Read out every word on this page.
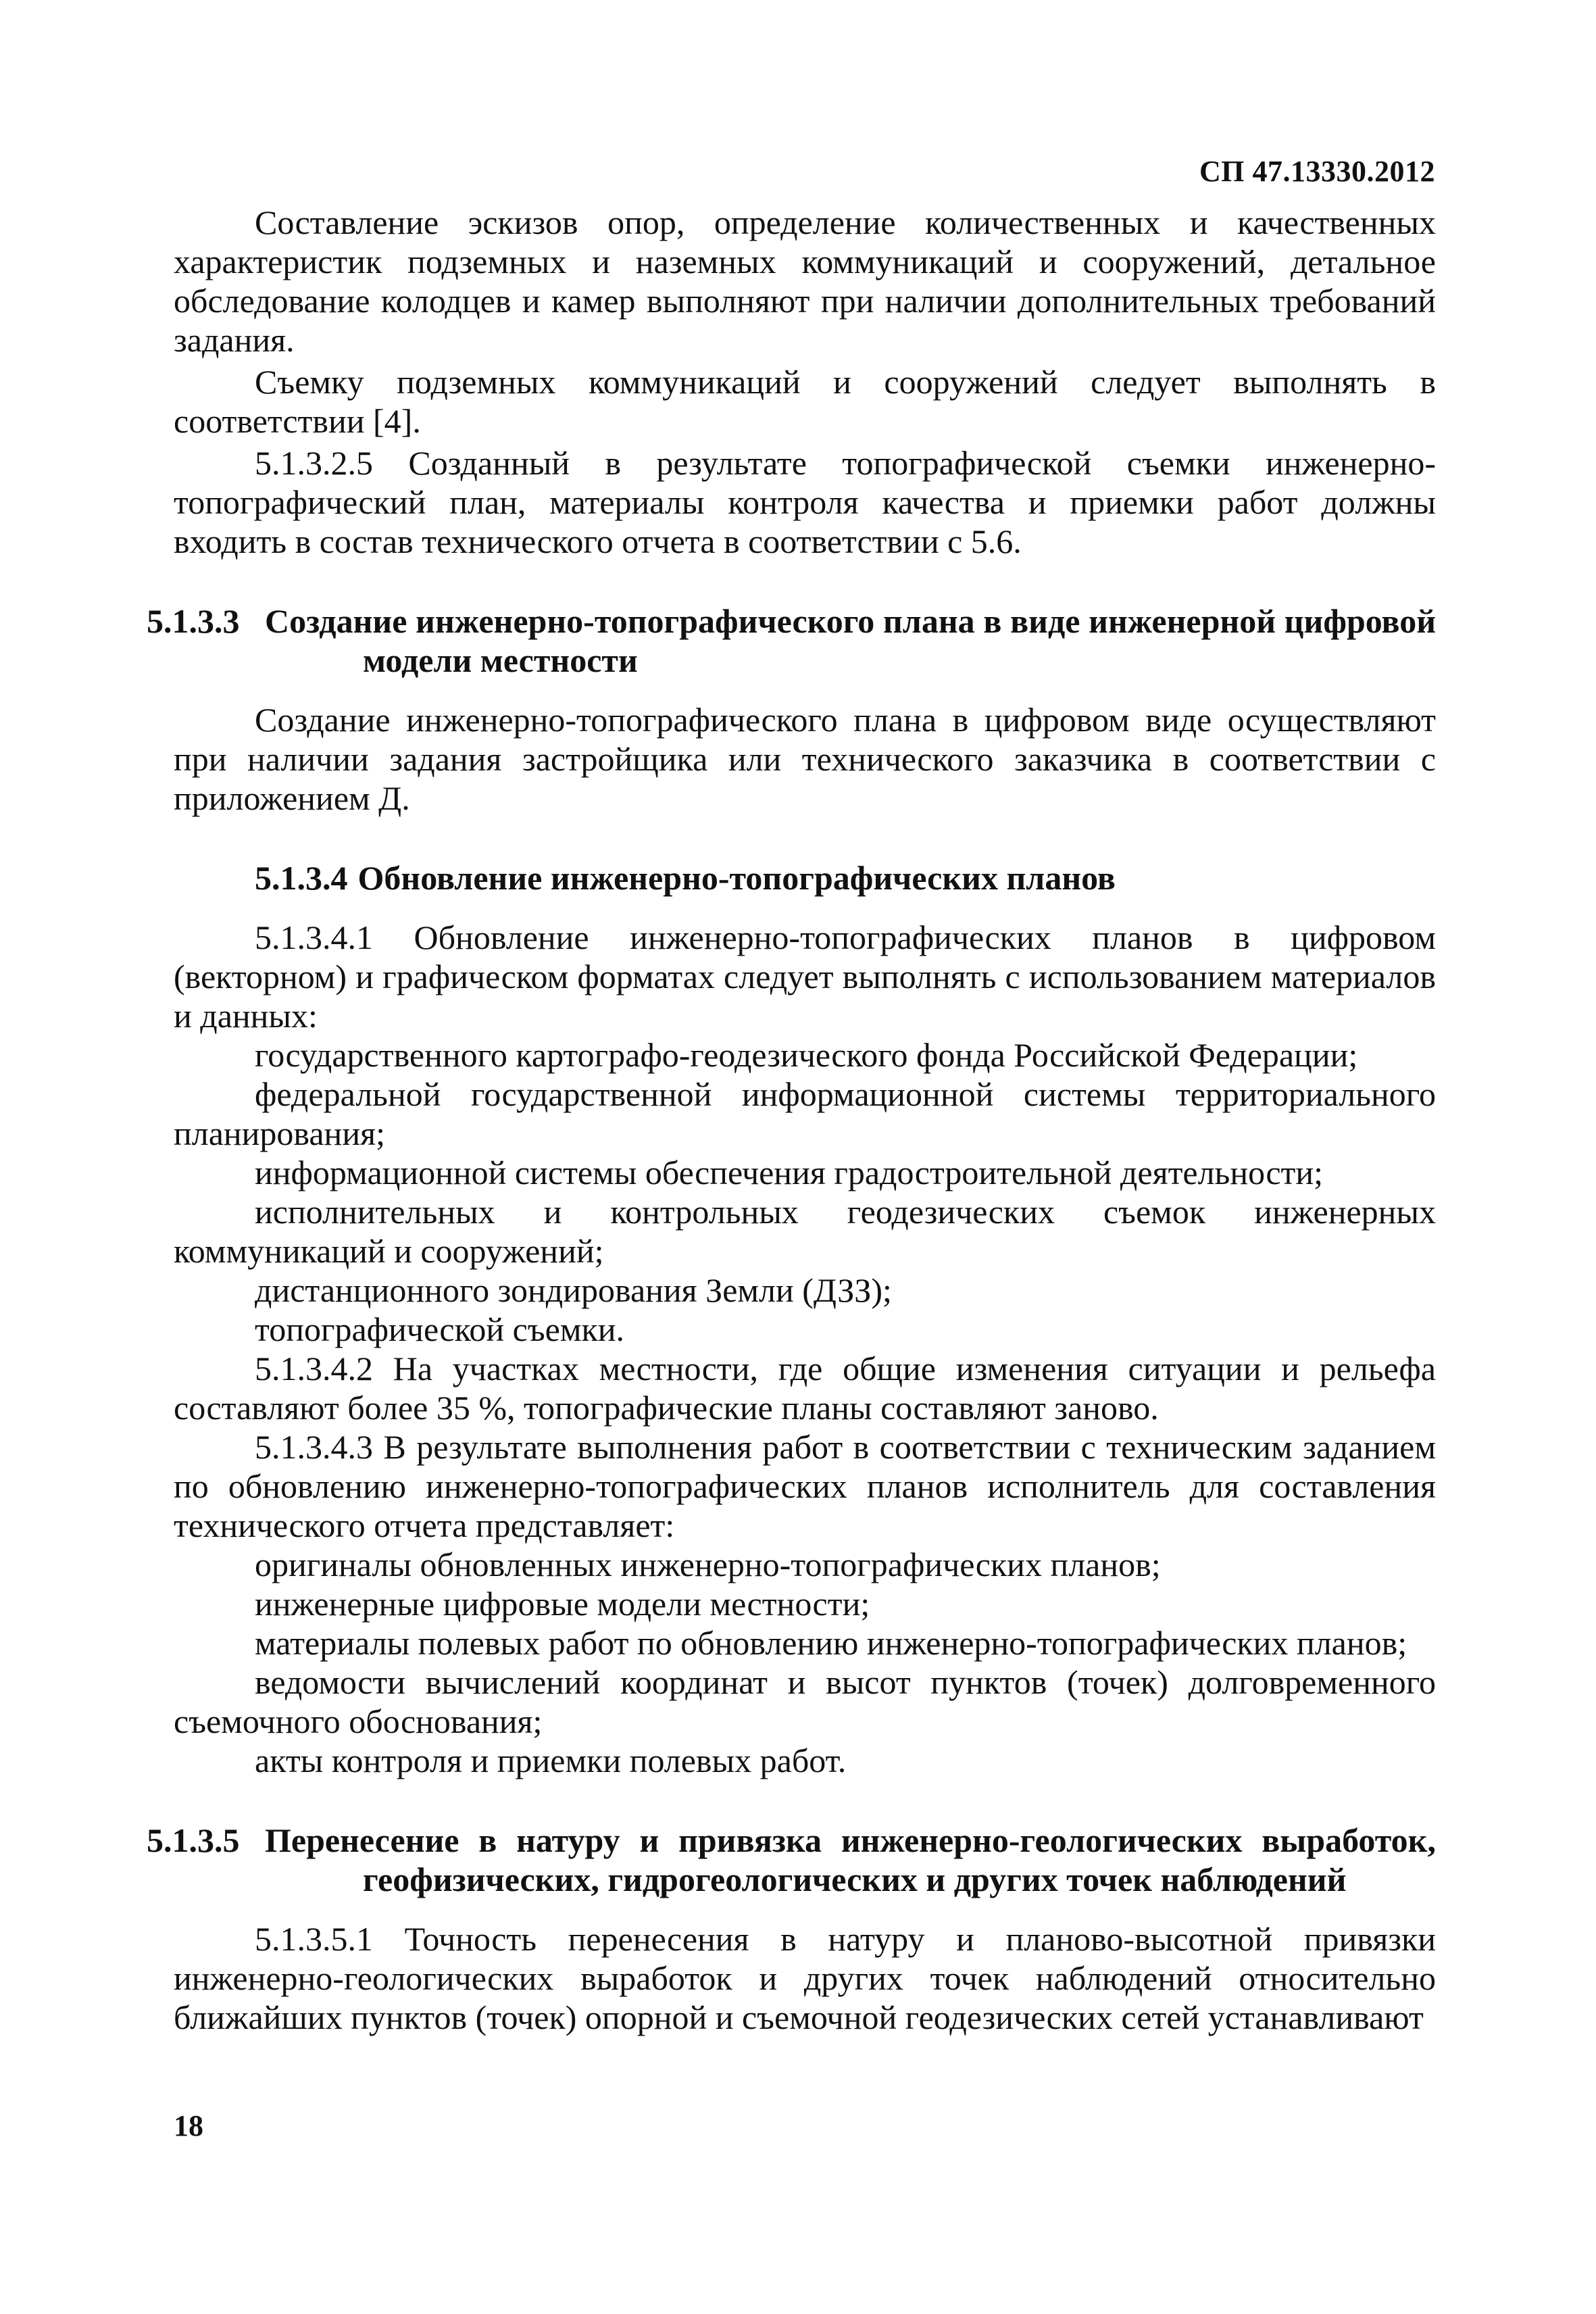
СП 47.13330.2012

Составление эскизов опор, определение количественных и качественных характеристик подземных и наземных коммуникаций и сооружений, детальное обследование колодцев и камер выполняют при наличии дополнительных требований задания.

Съемку подземных коммуникаций и сооружений следует выполнять в соответствии [4].

5.1.3.2.5 Созданный в результате топографической съемки инженерно-топографический план, материалы контроля качества и приемки работ должны входить в состав технического отчета в соответствии с 5.6.

5.1.3.3 Создание инженерно-топографического плана в виде инженерной цифровой модели местности

Создание инженерно-топографического плана в цифровом виде осуществляют при наличии задания застройщика или технического заказчика в соответствии с приложением Д.

5.1.3.4 Обновление инженерно-топографических планов

5.1.3.4.1 Обновление инженерно-топографических планов в цифровом (векторном) и графическом форматах следует выполнять с использованием материалов и данных:

государственного картографо-геодезического фонда Российской Федерации;

федеральной государственной информационной системы территориального планирования;

информационной системы обеспечения градостроительной деятельности;

исполнительных и контрольных геодезических съемок инженерных коммуникаций и сооружений;

дистанционного зондирования Земли (ДЗЗ);

топографической съемки.

5.1.3.4.2 На участках местности, где общие изменения ситуации и рельефа составляют более 35 %, топографические планы составляют заново.

5.1.3.4.3 В результате выполнения работ в соответствии с техническим заданием по обновлению инженерно-топографических планов исполнитель для составления технического отчета представляет:

оригиналы обновленных инженерно-топографических планов;

инженерные цифровые модели местности;

материалы полевых работ по обновлению инженерно-топографических планов;

ведомости вычислений координат и высот пунктов (точек) долговременного съемочного обоснования;

акты контроля и приемки полевых работ.

5.1.3.5 Перенесение в натуру и привязка инженерно-геологических выработок, геофизических, гидрогеологических и других точек наблюдений

5.1.3.5.1 Точность перенесения в натуру и планово-высотной привязки инженерно-геологических выработок и других точек наблюдений относительно ближайших пунктов (точек) опорной и съемочной геодезических сетей устанавливают

18
